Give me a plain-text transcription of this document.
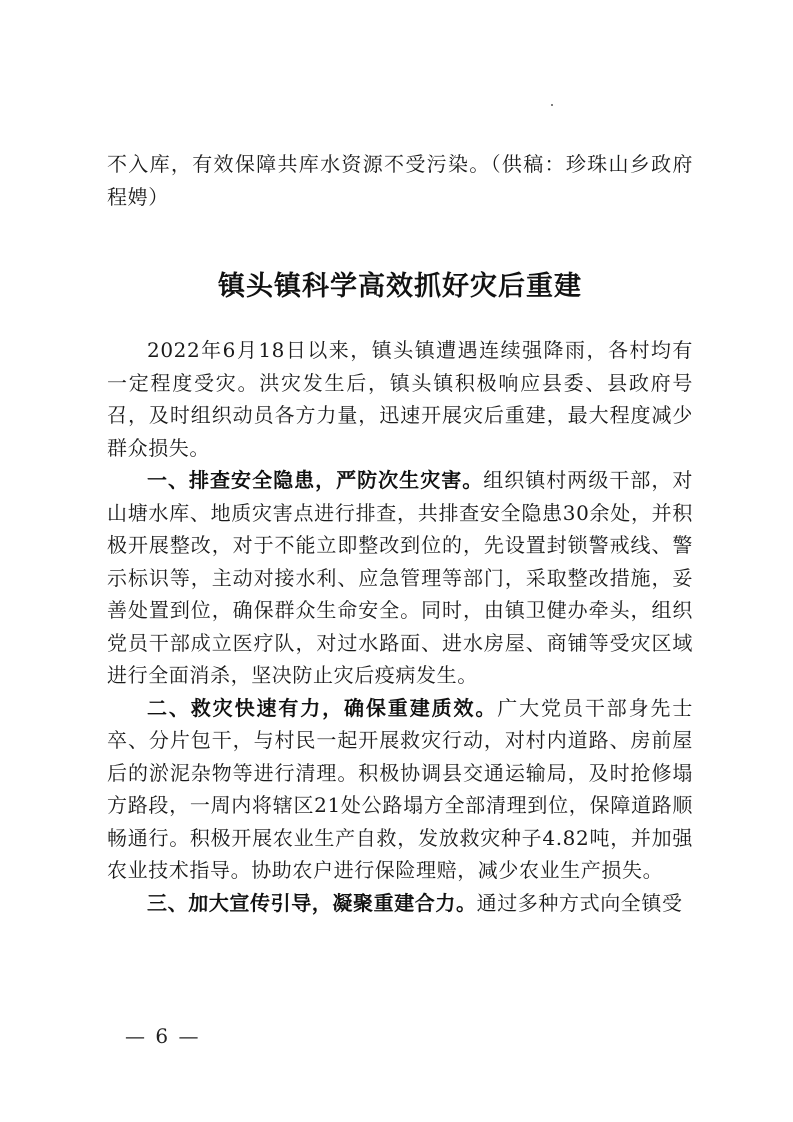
不入库，有效保障共库水资源不受污染。（供稿：珍珠山乡政府程娉）

镇头镇科学高效抓好灾后重建

2022年6月18日以来，镇头镇遭遇连续强降雨，各村均有一定程度受灾。洪灾发生后，镇头镇积极响应县委、县政府号召，及时组织动员各方力量，迅速开展灾后重建，最大程度减少群众损失。

一、排查安全隐患，严防次生灾害。组织镇村两级干部，对山塘水库、地质灾害点进行排查，共排查安全隐患30余处，并积极开展整改，对于不能立即整改到位的，先设置封锁警戒线、警示标识等，主动对接水利、应急管理等部门，采取整改措施，妥善处置到位，确保群众生命安全。同时，由镇卫健办牵头，组织党员干部成立医疗队，对过水路面、进水房屋、商铺等受灾区域进行全面消杀，坚决防止灾后疫病发生。

二、救灾快速有力，确保重建质效。广大党员干部身先士卒、分片包干，与村民一起开展救灾行动，对村内道路、房前屋后的淤泥杂物等进行清理。积极协调县交通运输局，及时抢修塌方路段，一周内将辖区21处公路塌方全部清理到位，保障道路顺畅通行。积极开展农业生产自救，发放救灾种子4.82吨，并加强农业技术指导。协助农户进行保险理赔，减少农业生产损失。

三、加大宣传引导，凝聚重建合力。通过多种方式向全镇受

— 6 —
